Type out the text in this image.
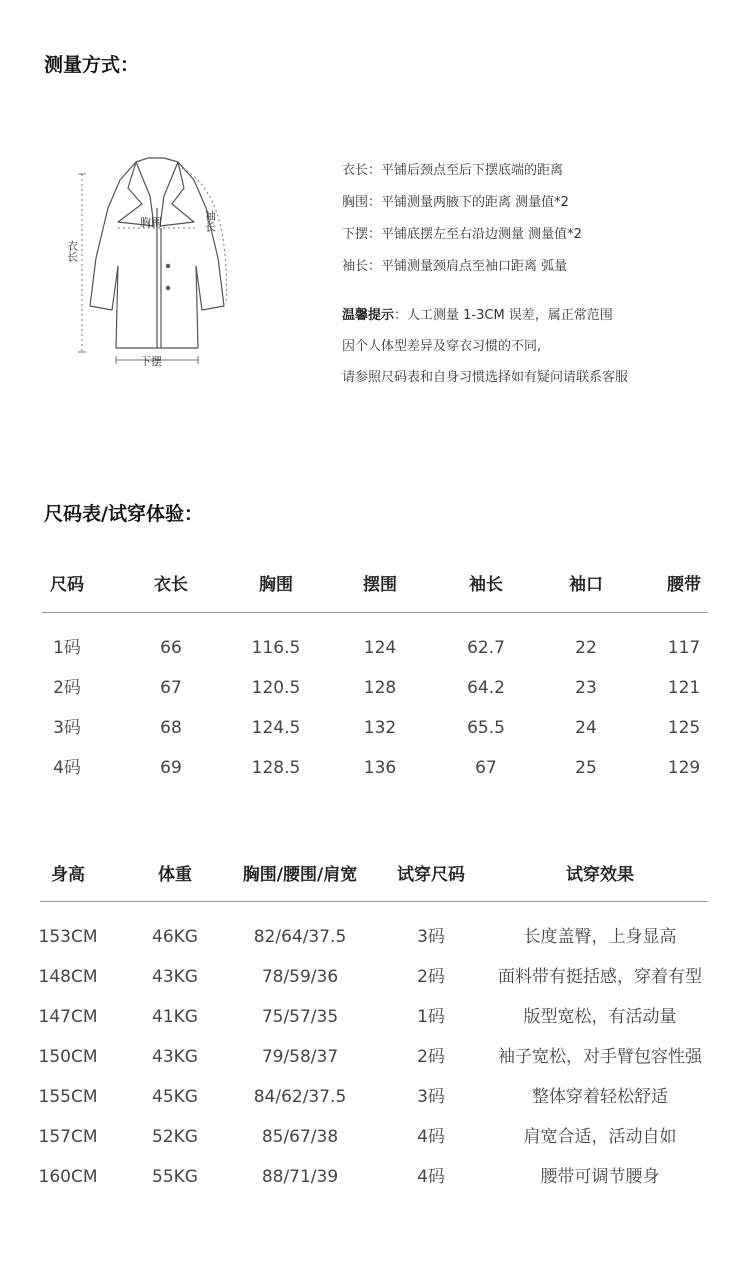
测量方式：
衣长
胸围	袖长
下摆
衣长：平铺后颈点至后下摆底端的距离
胸围：平铺测量两腋下的距离 测量值*2
下摆：平铺底摆左至右沿边测量 测量值*2
袖长：平铺测量颈肩点至袖口距离 弧量
温馨提示：人工测量 1-3CM 误差，属正常范围
因个人体型差异及穿衣习惯的不同,
请参照尺码表和自身习惯选择如有疑问请联系客服
尺码表/试穿体验：
尺码	衣长	胸围	摆围	袖长	袖口	腰带
1码	66	116.5	124	62.7	22	117
2码	67	120.5	128	64.2	23	121
3码	68	124.5	132	65.5	24	125
4码	69	128.5	136	67	25	129
身高	体重	胸围/腰围/肩宽	试穿尺码	试穿效果
153CM	46KG	82/64/37.5	3码	长度盖臀，上身显高
148CM	43KG	78/59/36	2码	面料带有挺括感，穿着有型
147CM	41KG	75/57/35	1码	版型宽松，有活动量
150CM	43KG	79/58/37	2码	袖子宽松，对手臂包容性强
155CM	45KG	84/62/37.5	3码	整体穿着轻松舒适
157CM	52KG	85/67/38	4码	肩宽合适，活动自如
160CM	55KG	88/71/39	4码	腰带可调节腰身
